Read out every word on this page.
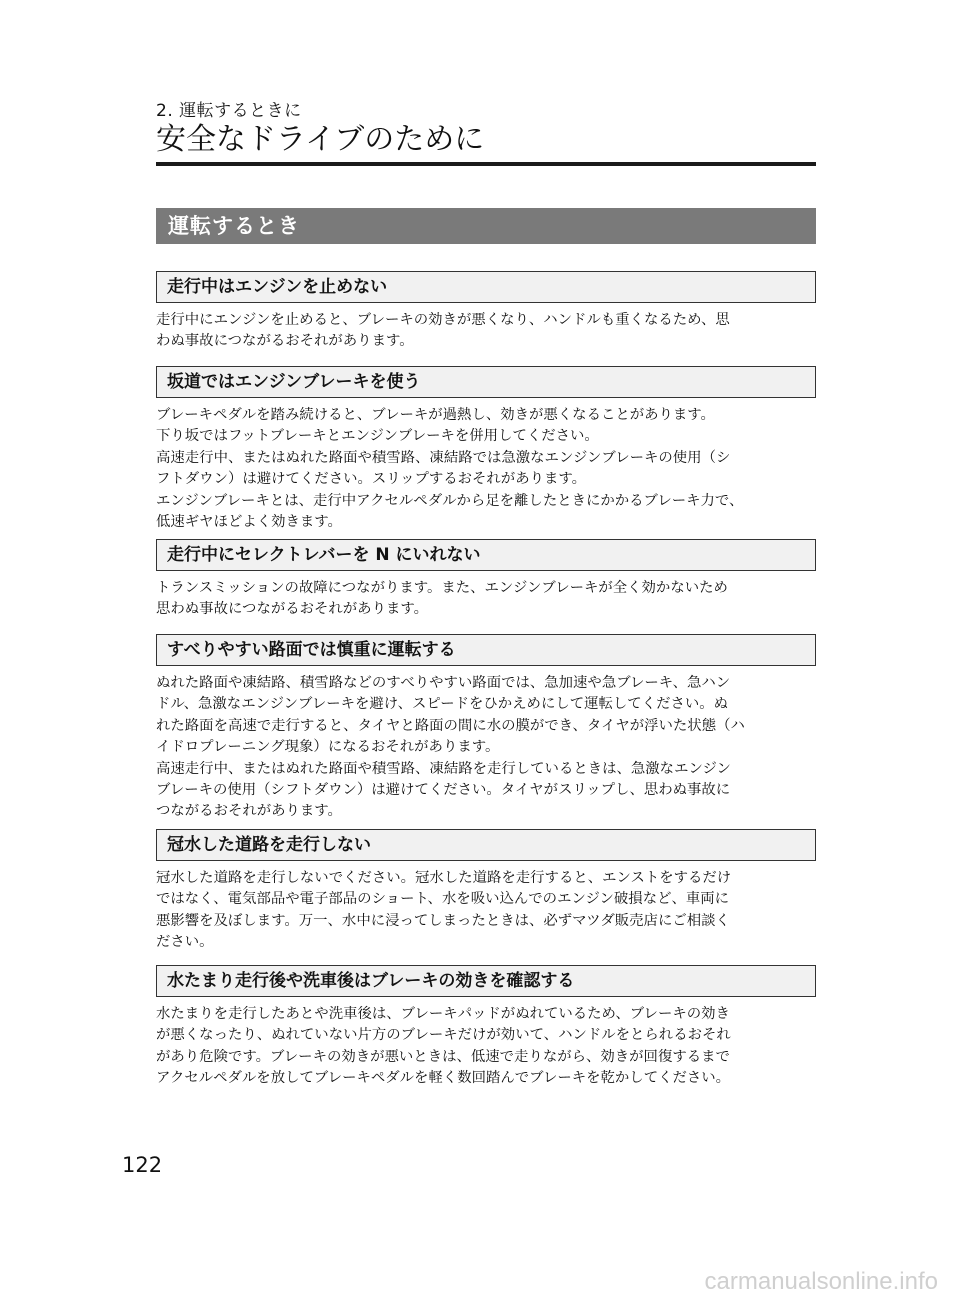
2. 運転するときに
安全なドライブのために
運転するとき
走行中はエンジンを止めない
走行中にエンジンを止めると、ブレーキの効きが悪くなり、ハンドルも重くなるため、思
わぬ事故につながるおそれがあります。
坂道ではエンジンブレーキを使う
ブレーキペダルを踏み続けると、ブレーキが過熱し、効きが悪くなることがあります。
下り坂ではフットブレーキとエンジンブレーキを併用してください。
高速走行中、またはぬれた路面や積雪路、凍結路では急激なエンジンブレーキの使用（シ
フトダウン）は避けてください。スリップするおそれがあります。
エンジンブレーキとは、走行中アクセルペダルから足を離したときにかかるブレーキ力で、
低速ギヤほどよく効きます。
走行中にセレクトレバーを N にいれない
トランスミッションの故障につながります。また、エンジンブレーキが全く効かないため
思わぬ事故につながるおそれがあります。
すべりやすい路面では慎重に運転する
ぬれた路面や凍結路、積雪路などのすべりやすい路面では、急加速や急ブレーキ、急ハン
ドル、急激なエンジンブレーキを避け、スピードをひかえめにして運転してください。ぬ
れた路面を高速で走行すると、タイヤと路面の間に水の膜ができ、タイヤが浮いた状態（ハ
イドロプレーニング現象）になるおそれがあります。
高速走行中、またはぬれた路面や積雪路、凍結路を走行しているときは、急激なエンジン
ブレーキの使用（シフトダウン）は避けてください。タイヤがスリップし、思わぬ事故に
つながるおそれがあります。
冠水した道路を走行しない
冠水した道路を走行しないでください。冠水した道路を走行すると、エンストをするだけ
ではなく、電気部品や電子部品のショート、水を吸い込んでのエンジン破損など、車両に
悪影響を及ぼします。万一、水中に浸ってしまったときは、必ずマツダ販売店にご相談く
ださい。
水たまり走行後や洗車後はブレーキの効きを確認する
水たまりを走行したあとや洗車後は、ブレーキパッドがぬれているため、ブレーキの効き
が悪くなったり、ぬれていない片方のブレーキだけが効いて、ハンドルをとられるおそれ
があり危険です。ブレーキの効きが悪いときは、低速で走りながら、効きが回復するまで
アクセルペダルを放してブレーキペダルを軽く数回踏んでブレーキを乾かしてください。
122
carmanualsonline.info
